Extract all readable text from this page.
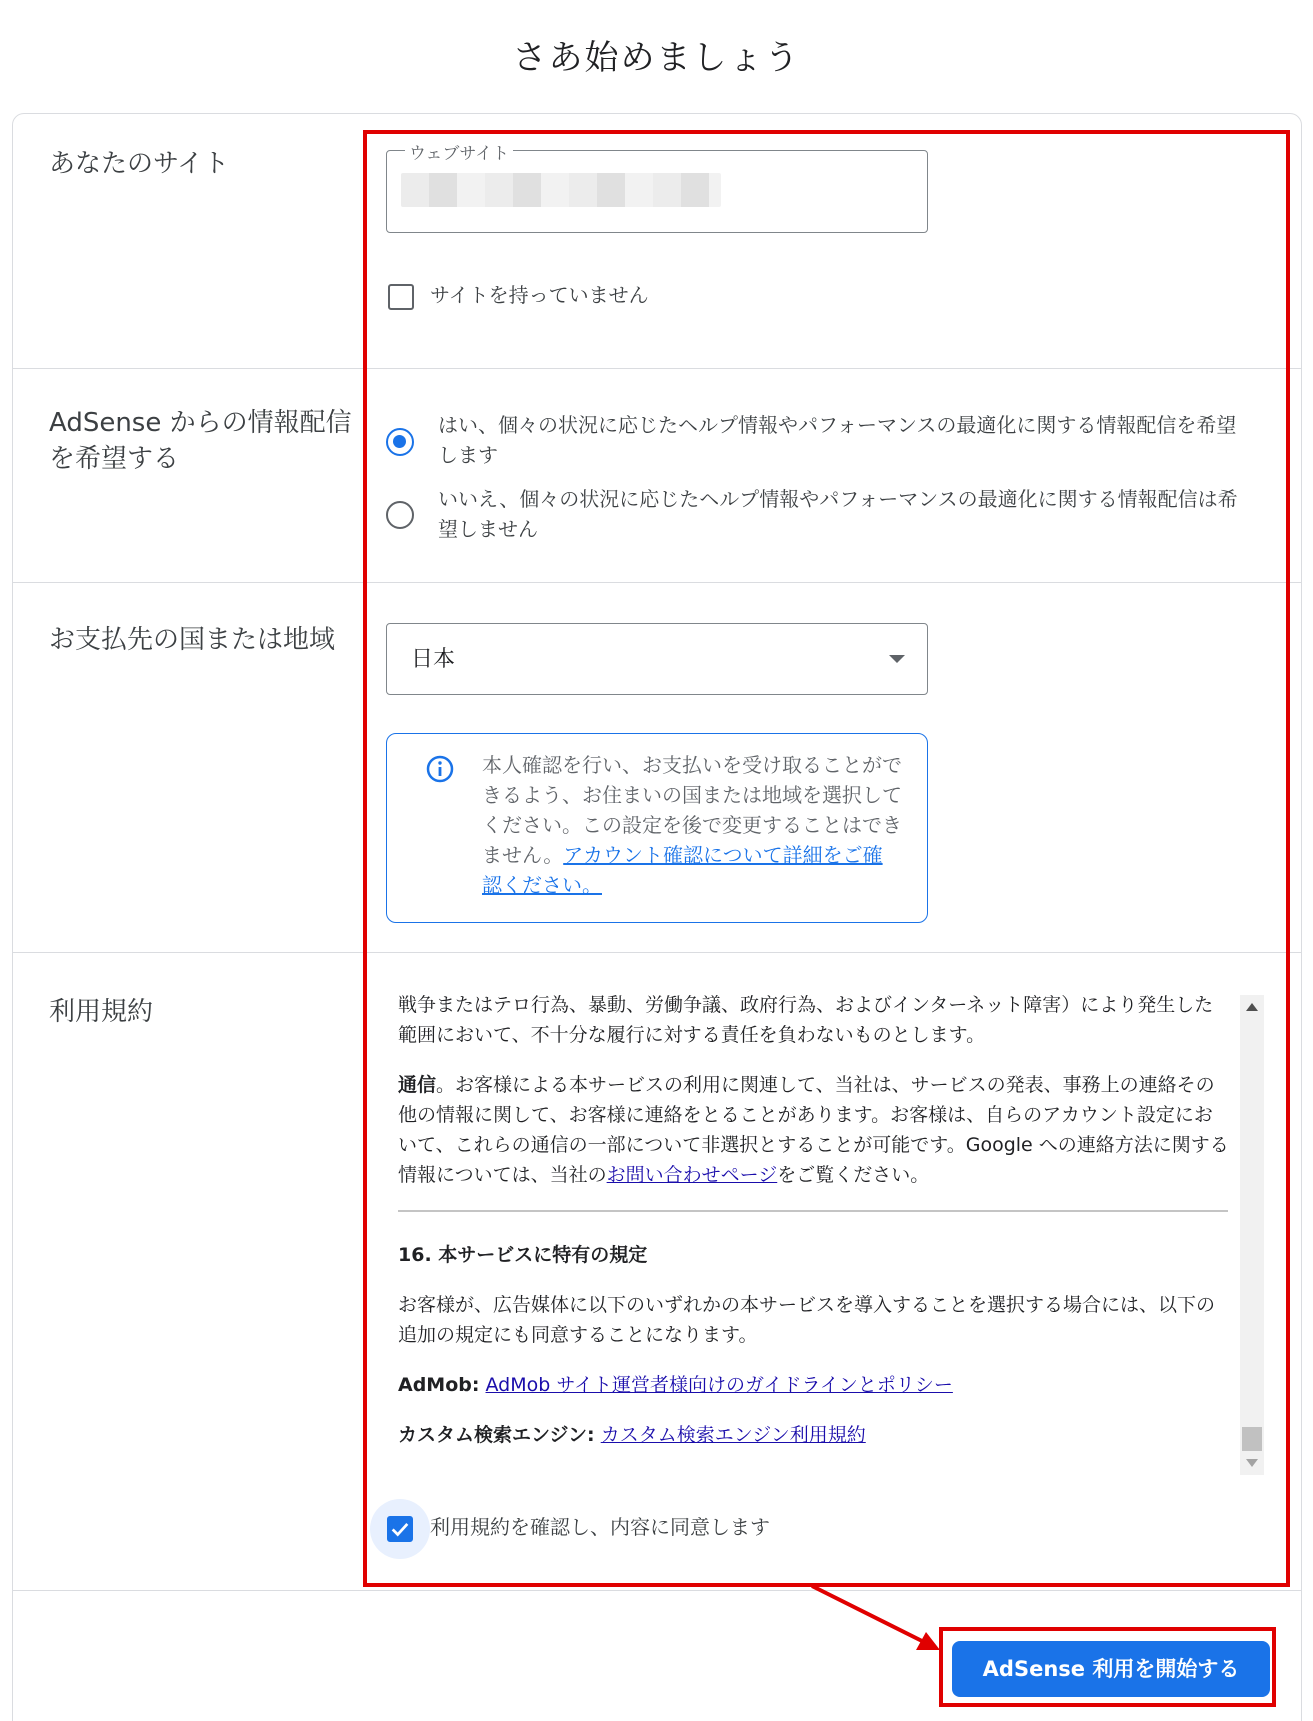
さあ始めましょう
あなたのサイト	ウェブサイト
サイトを持っていません
AdSense からの情報配信を希望する
はい、個々の状況に応じたヘルプ情報やパフォーマンスの最適化に関する情報配信を希望します
いいえ、個々の状況に応じたヘルプ情報やパフォーマンスの最適化に関する情報配信は希望しません
お支払先の国または地域
日本
本人確認を行い、お支払いを受け取ることができるよう、お住まいの国または地域を選択してください。この設定を後で変更することはできません。アカウント確認について詳細をご確認ください。
利用規約	戦争またはテロ行為、暴動、労働争議、政府行為、およびインターネット障害）により発生した範囲において、不十分な履行に対する責任を負わないものとします。

通信。お客様による本サービスの利用に関連して、当社は、サービスの発表、事務上の連絡その他の情報に関して、お客様に連絡をとることがあります。お客様は、自らのアカウント設定において、これらの通信の一部について非選択とすることが可能です。Google への連絡方法に関する情報については、当社のお問い合わせページをご覧ください。

16. 本サービスに特有の規定

お客様が、広告媒体に以下のいずれかの本サービスを導入することを選択する場合には、以下の追加の規定にも同意することになります。

AdMob: AdMob サイト運営者様向けのガイドラインとポリシー

カスタム検索エンジン: カスタム検索エンジン利用規約

利用規約を確認し、内容に同意します
AdSense 利用を開始する
